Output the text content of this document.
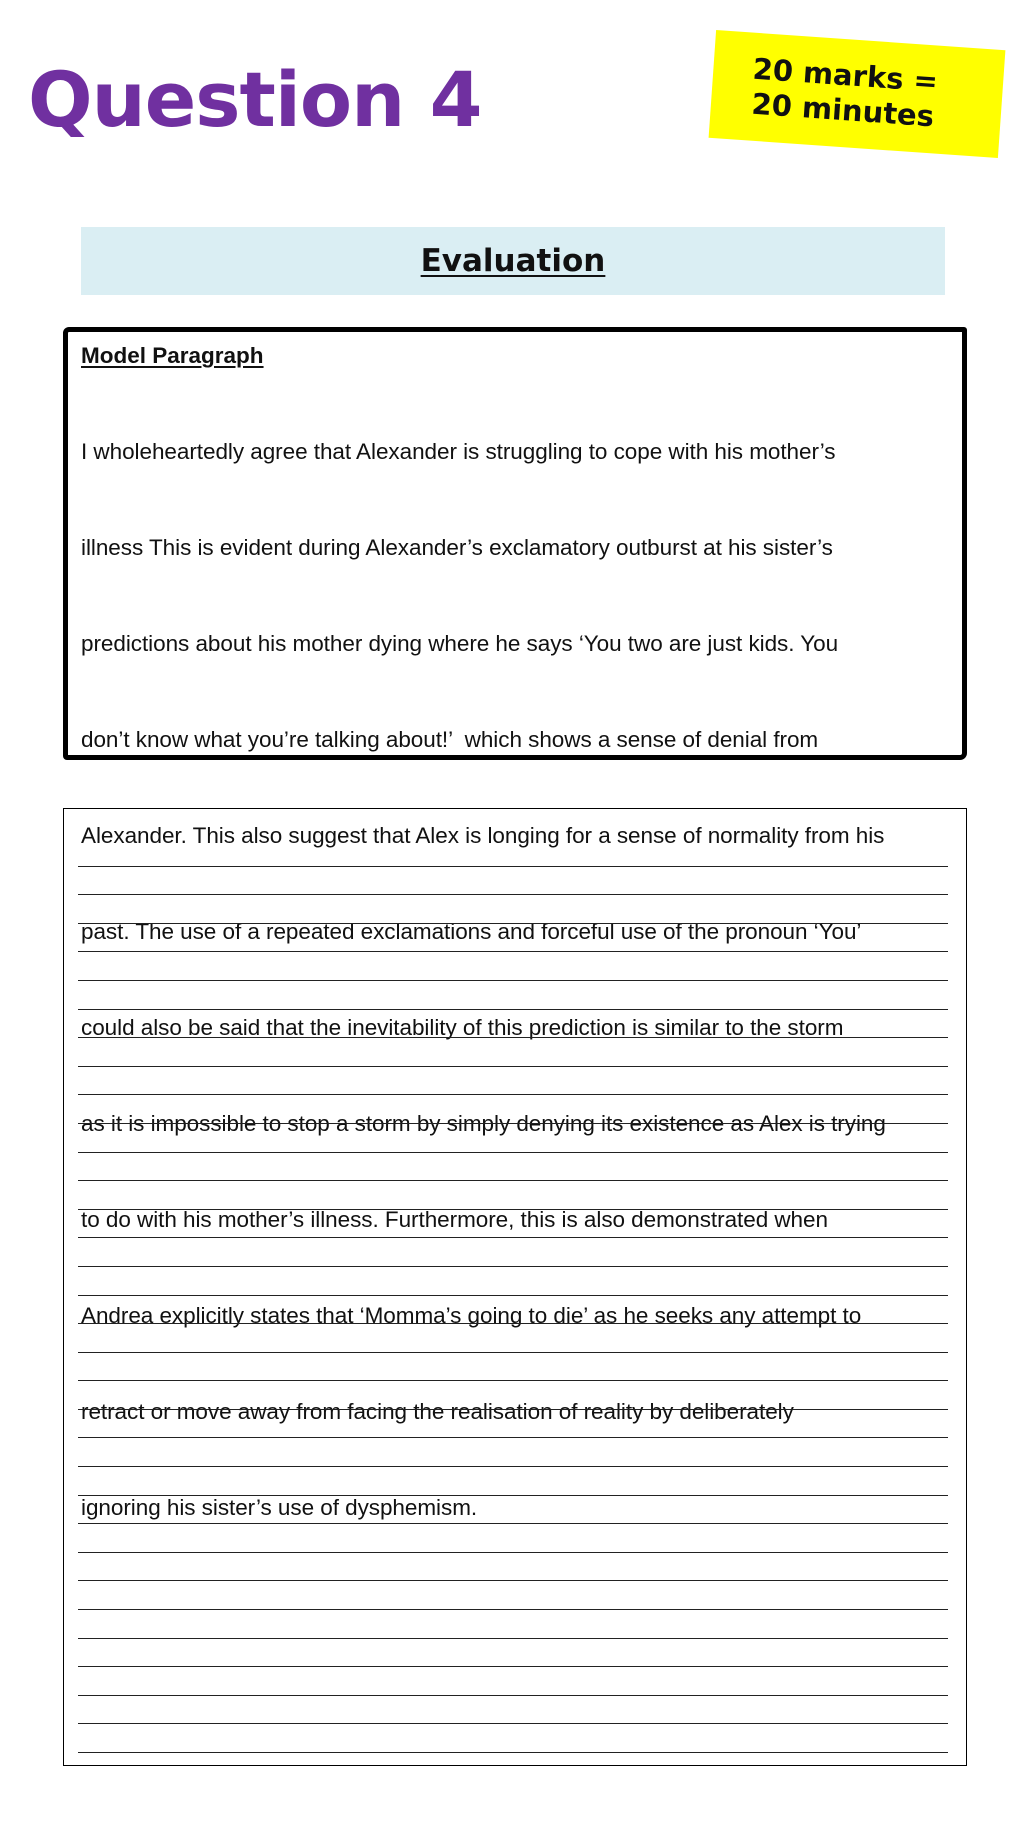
Question 4	20 marks =
20 minutes
Evaluation
Model Paragraph

I wholeheartedly agree that Alexander is struggling to cope with his mother’s

illness This is evident during Alexander’s exclamatory outburst at his sister’s

predictions about his mother dying where he says ‘You two are just kids. You

don’t know what you’re talking about!’  which shows a sense of denial from

Alexander. This also suggest that Alex is longing for a sense of normality from his

past. The use of a repeated exclamations and forceful use of the pronoun ‘You’

could also be said that the inevitability of this prediction is similar to the storm

as it is impossible to stop a storm by simply denying its existence as Alex is trying

to do with his mother’s illness. Furthermore, this is also demonstrated when

Andrea explicitly states that ‘Momma’s going to die’ as he seeks any attempt to

retract or move away from facing the realisation of reality by deliberately

ignoring his sister’s use of dysphemism.
